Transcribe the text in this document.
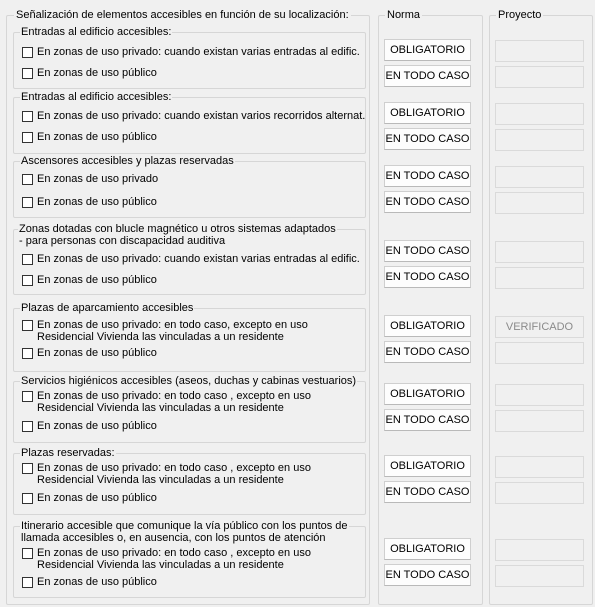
Señalización de elementos accesibles en función de su localización:	Norma	Proyecto
Entradas al edificio accesibles:
En zonas de uso privado: cuando existan varias entradas al edific.
En zonas de uso público
OBLIGATORIO
EN TODO CASO
Entradas al edificio accesibles:
En zonas de uso privado: cuando existan varios recorridos alternat.
En zonas de uso público
OBLIGATORIO
EN TODO CASO
Ascensores accesibles y plazas reservadas
En zonas de uso privado
En zonas de uso público
EN TODO CASO
EN TODO CASO
Zonas dotadas con blucle magnético u otros sistemas adaptados
- para personas con discapacidad auditiva
En zonas de uso privado: cuando existan varias entradas al edific.
En zonas de uso público
EN TODO CASO
EN TODO CASO
Plazas de aparcamiento accesibles
En zonas de uso privado: en todo caso, excepto en uso
Residencial Vivienda las vinculadas a un residente
En zonas de uso público
OBLIGATORIO
EN TODO CASO
VERIFICADO
Servicios higiénicos accesibles (aseos, duchas y cabinas vestuarios)
En zonas de uso privado: en todo caso , excepto en uso
Residencial Vivienda las vinculadas a un residente
En zonas de uso público
OBLIGATORIO
EN TODO CASO
Plazas reservadas:
En zonas de uso privado: en todo caso , excepto en uso
Residencial Vivienda las vinculadas a un residente
En zonas de uso público
OBLIGATORIO
EN TODO CASO
Itinerario accesible que comunique la vía público con los puntos de
llamada accesibles o, en ausencia, con los puntos de atención
En zonas de uso privado: en todo caso , excepto en uso
Residencial Vivienda las vinculadas a un residente
En zonas de uso público
OBLIGATORIO
EN TODO CASO
